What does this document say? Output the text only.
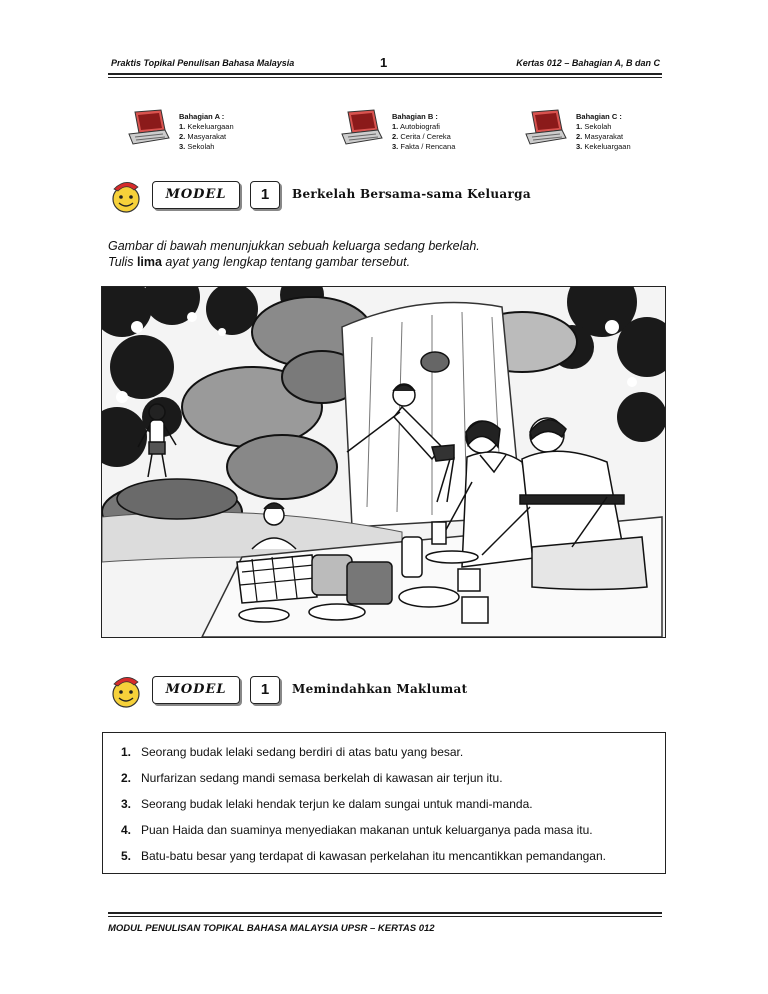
Praktis Topikal Penulisan Bahasa Malaysia	1	Kertas 012 – Bahagian A, B dan C
Bahagian A :
1. Kekeluargaan
2. Masyarakat
3. Sekolah
Bahagian B :
1. Autobiografi
2. Cerita / Cereka
3. Fakta / Rencana
Bahagian C :
1. Sekolah
2. Masyarakat
3. Kekeluargaan
MODEL	1	Berkelah Bersama-sama Keluarga
Gambar di bawah menunjukkan sebuah keluarga sedang berkelah.
Tulis lima ayat yang lengkap tentang gambar tersebut.
MODEL	1	Memindahkan Maklumat
1. Seorang budak lelaki sedang berdiri di atas batu yang besar.
2. Nurfarizan sedang mandi semasa berkelah di kawasan air terjun itu.
3. Seorang budak lelaki hendak terjun ke dalam sungai untuk mandi-manda.
4. Puan Haida dan suaminya menyediakan makanan untuk keluarganya pada masa itu.
5. Batu-batu besar yang terdapat di kawasan perkelahan itu mencantikkan pemandangan.
MODUL PENULISAN TOPIKAL BAHASA MALAYSIA UPSR – KERTAS 012
